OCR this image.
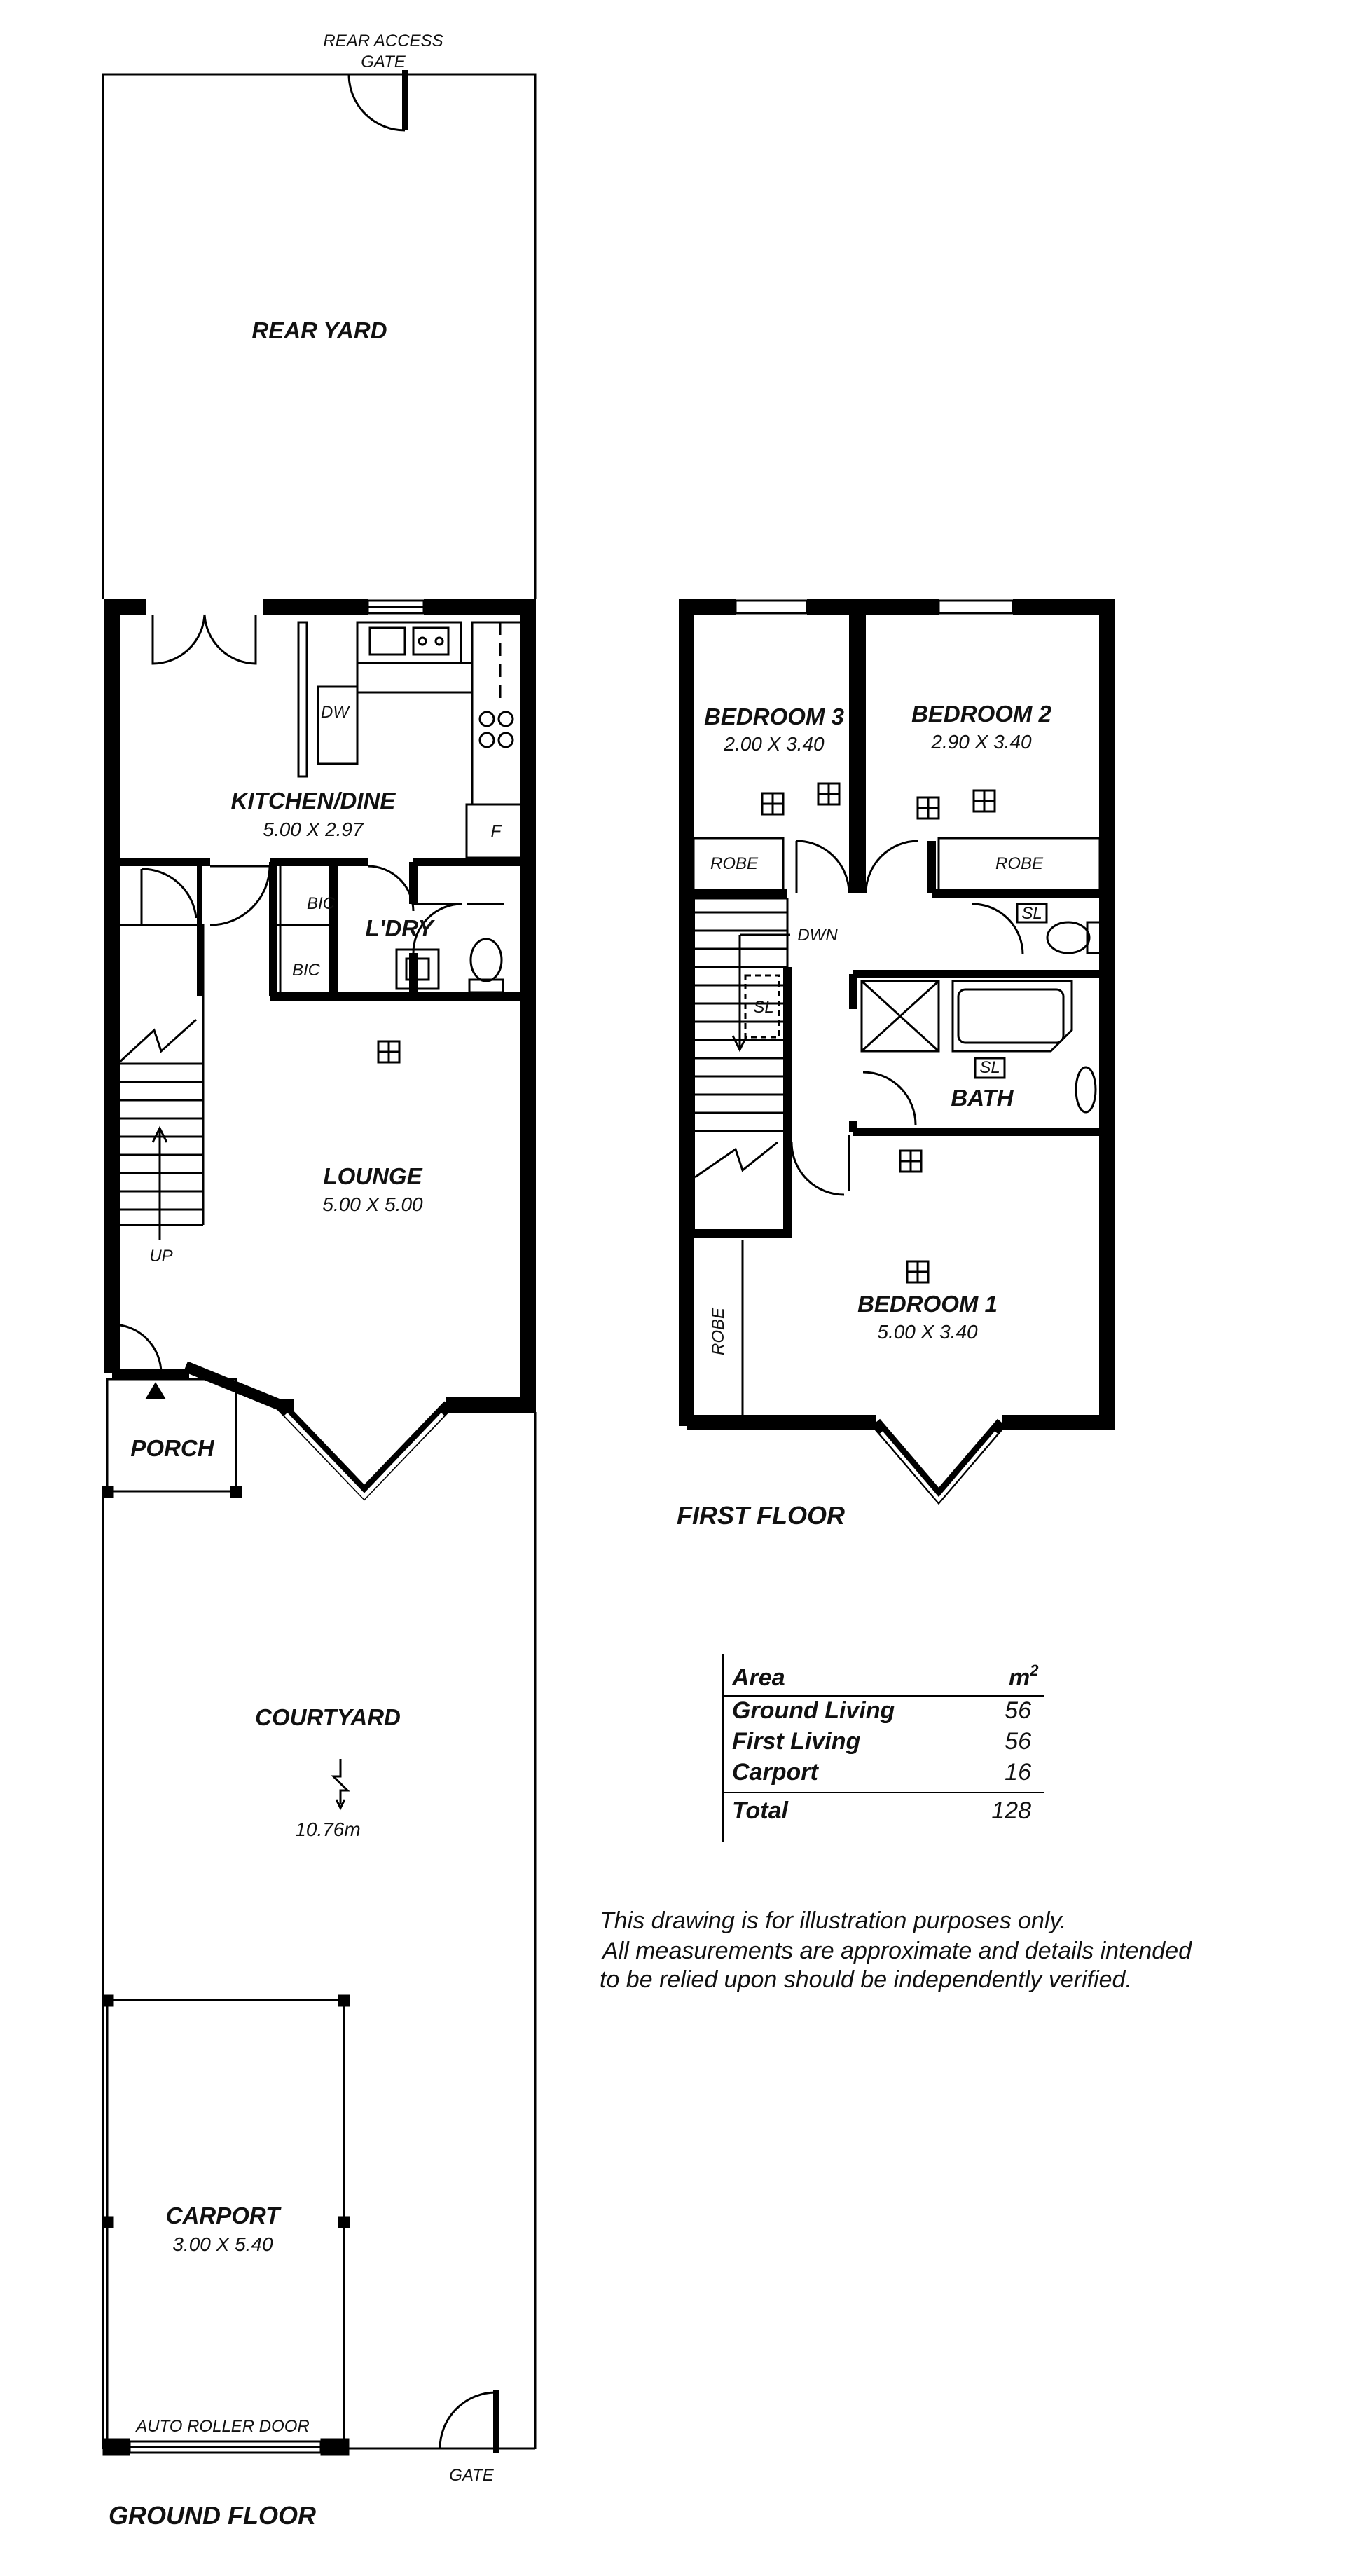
REAR ACCESS
GATE
REAR YARD
DW
F
KITCHEN/DINE
5.00 X 2.97
BIC
BIC
L'DRY
LOUNGE
5.00 X 5.00
UP
PORCH
COURTYARD
10.76m
CARPORT
3.00 X 5.40
AUTO ROLLER DOOR
GATE
GROUND FLOOR
BEDROOM 3
2.00 X 3.40
BEDROOM 2
2.90 X 3.40
ROBE	ROBE
SL
DWN
SL
SL
BATH
ROBE
BEDROOM 1
5.00 X 3.40
FIRST FLOOR
Area	$m^2$
Ground Living	56
First Living	56
Carport	16
Total	128
This drawing is for illustration purposes only.
All measurements are approximate and details intended
to be relied upon should be independently verified.
